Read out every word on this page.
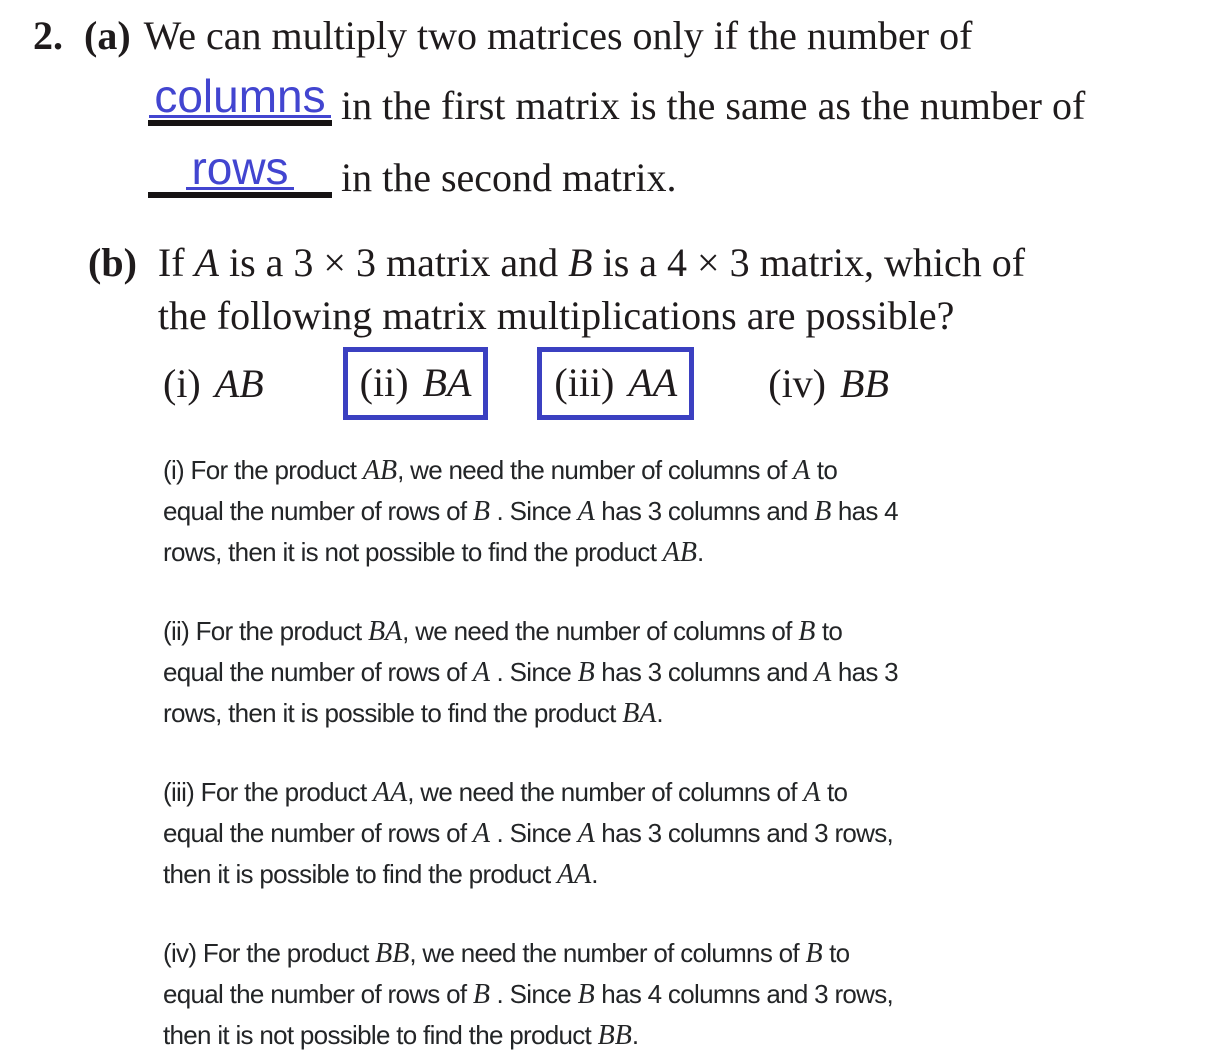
2. (a) We can multiply two matrices only if the number of
columns in the first matrix is the same as the number of
rows in the second matrix.
(b) If A is a 3 × 3 matrix and B is a 4 × 3 matrix, which of the following matrix multiplications are possible?
(i) AB (ii) BA (iii) AA (iv) BB
(i) For the product AB, we need the number of columns of A to
equal the number of rows of B . Since A has 3 columns and B has 4
rows, then it is not possible to find the product AB.
(ii) For the product BA, we need the number of columns of B to
equal the number of rows of A . Since B has 3 columns and A has 3
rows, then it is possible to find the product BA.
(iii) For the product AA, we need the number of columns of A to
equal the number of rows of A . Since A has 3 columns and 3 rows,
then it is possible to find the product AA.
(iv) For the product BB, we need the number of columns of B to
equal the number of rows of B . Since B has 4 columns and 3 rows,
then it is not possible to find the product BB.
